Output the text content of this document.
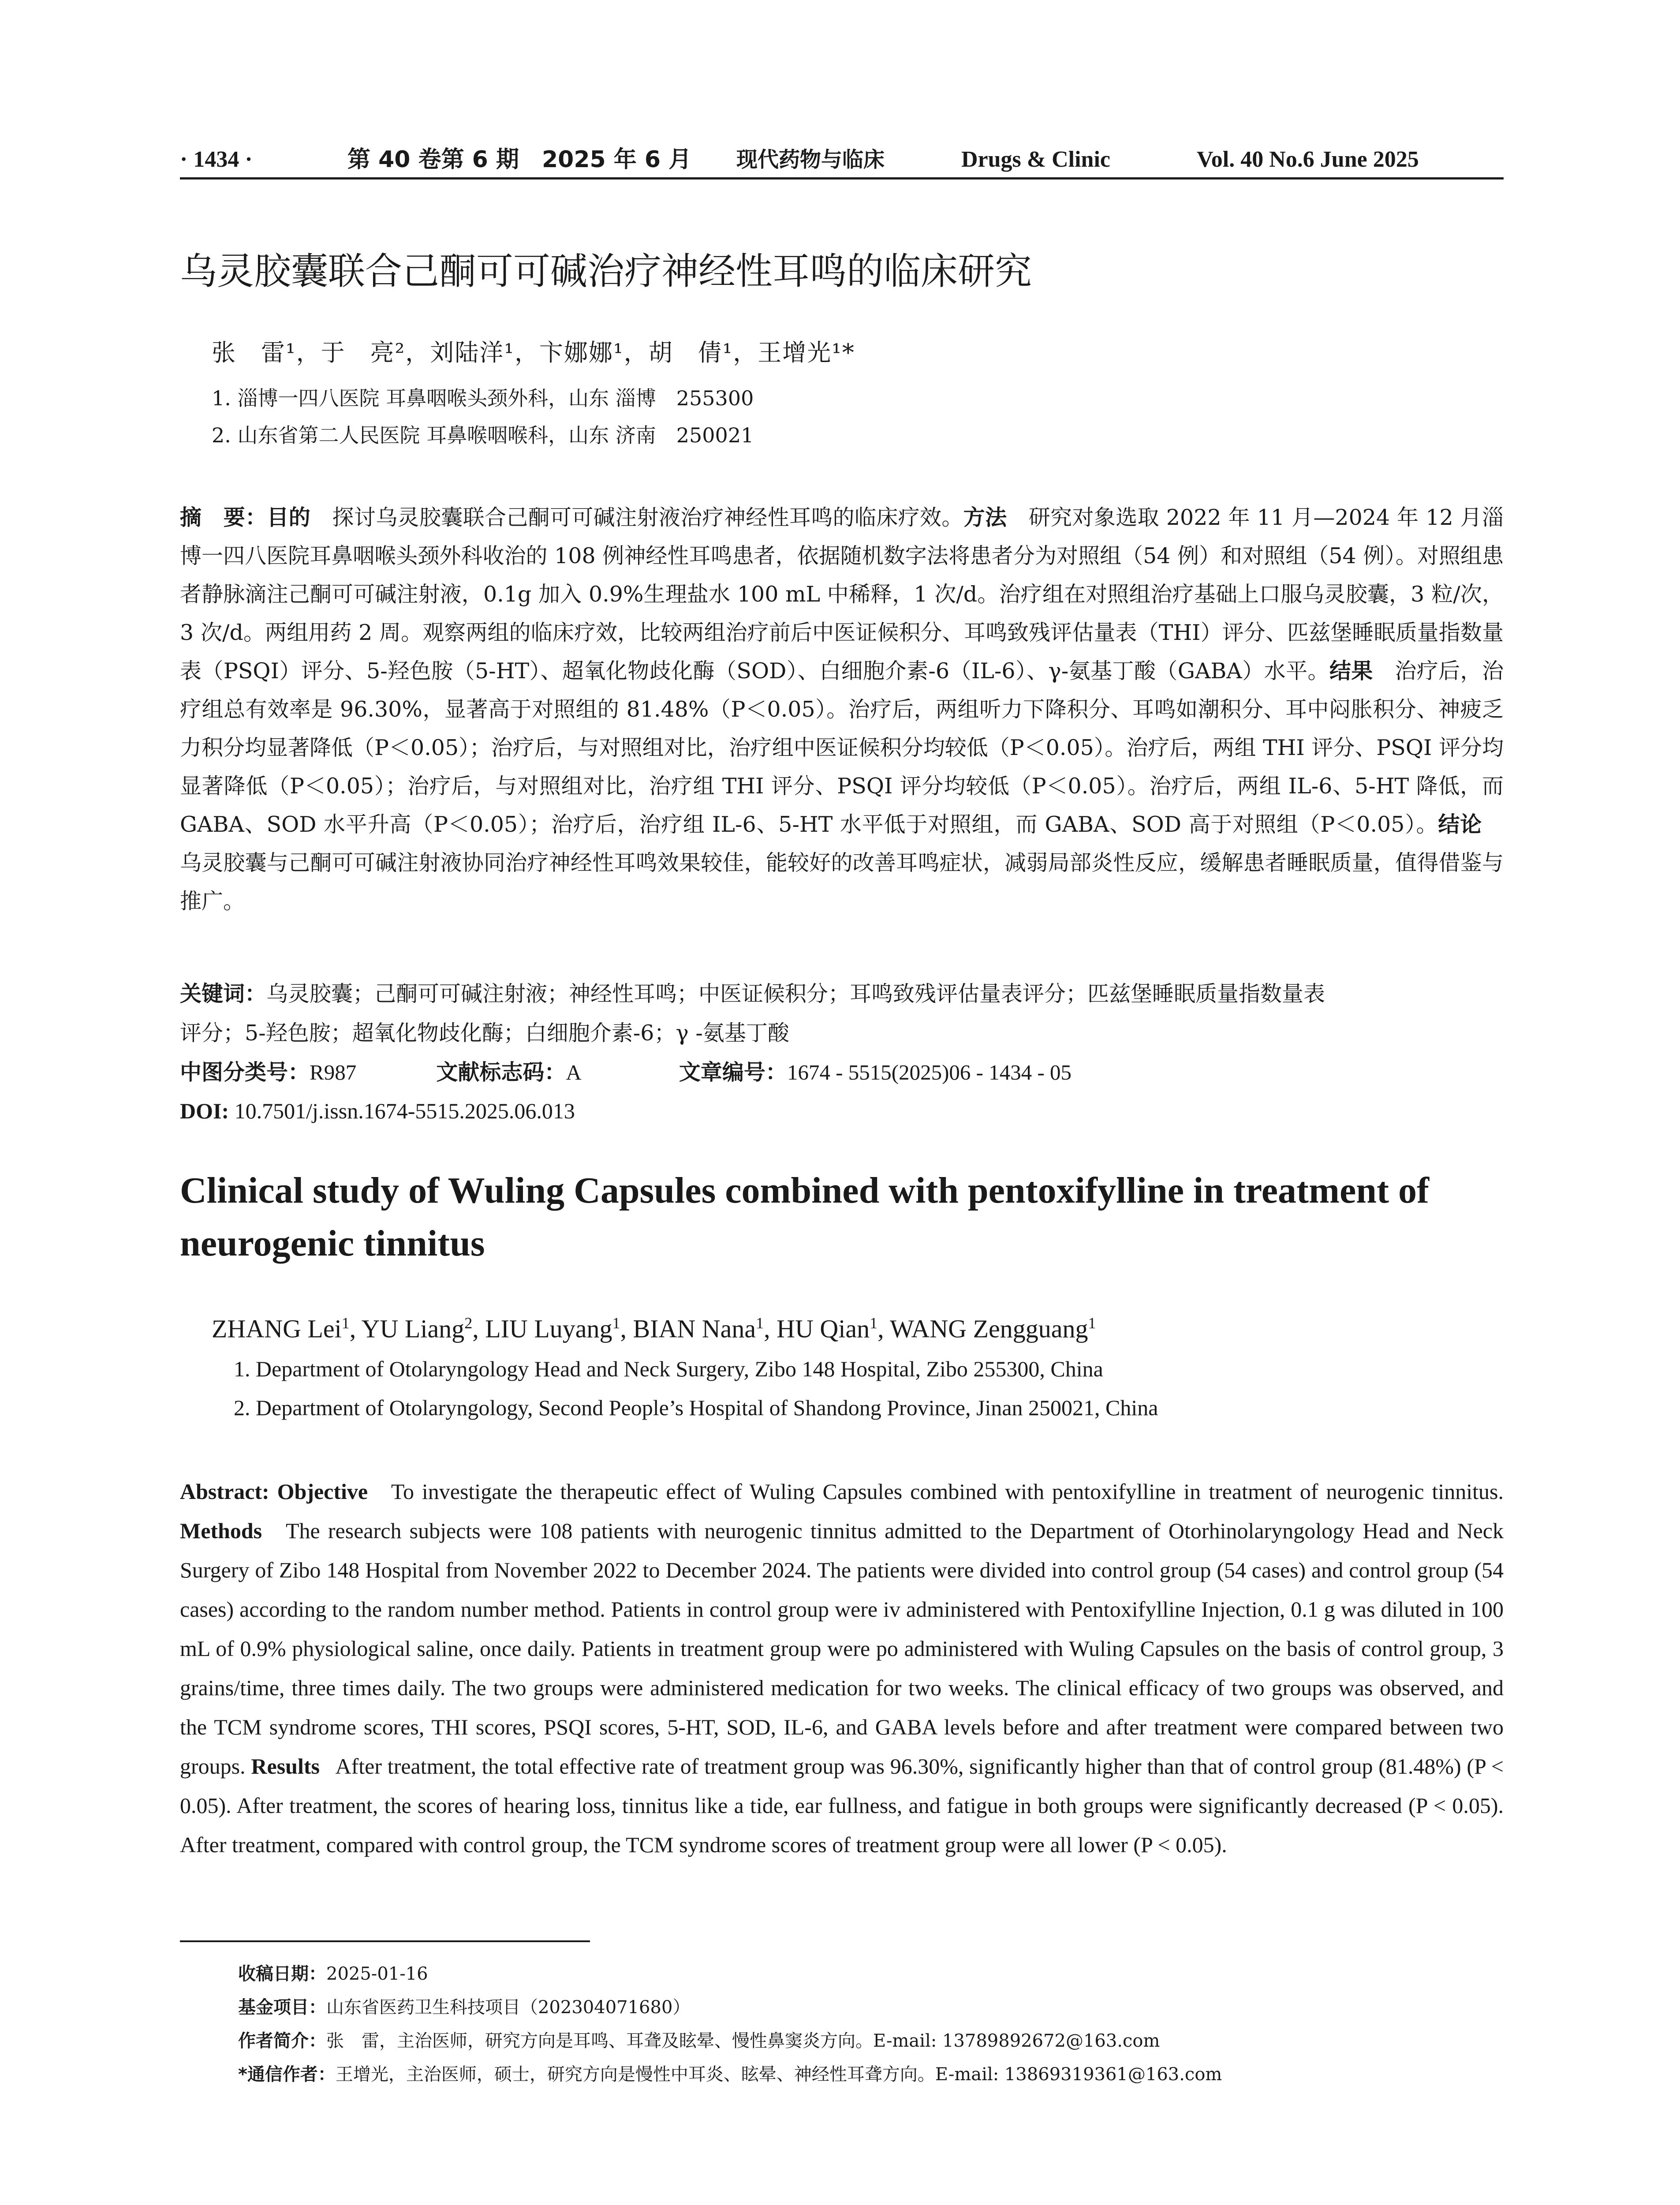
· 1434 ·	第 40 卷第 6 期　2025 年 6 月 现代药物与临床	Drugs & Clinic	Vol. 40 No.6 June 2025
乌灵胶囊联合己酮可可碱治疗神经性耳鸣的临床研究
张　雷¹，于　亮²，刘陆洋¹，卞娜娜¹，胡　倩¹，王增光¹*
1. 淄博一四八医院 耳鼻咽喉头颈外科，山东 淄博　255300
2. 山东省第二人民医院 耳鼻喉咽喉科，山东 济南　250021
摘　要：目的　探讨乌灵胶囊联合己酮可可碱注射液治疗神经性耳鸣的临床疗效。方法　研究对象选取 2022 年 11 月—2024 年 12 月淄博一四八医院耳鼻咽喉头颈外科收治的 108 例神经性耳鸣患者，依据随机数字法将患者分为对照组（54 例）和对照组（54 例）。对照组患者静脉滴注己酮可可碱注射液，0.1g 加入 0.9%生理盐水 100 mL 中稀释，1 次/d。治疗组在对照组治疗基础上口服乌灵胶囊，3 粒/次，3 次/d。两组用药 2 周。观察两组的临床疗效，比较两组治疗前后中医证候积分、耳鸣致残评估量表（THI）评分、匹兹堡睡眠质量指数量表（PSQI）评分、5-羟色胺（5-HT）、超氧化物歧化酶（SOD）、白细胞介素-6（IL-6）、γ-氨基丁酸（GABA）水平。结果　治疗后，治疗组总有效率是 96.30%，显著高于对照组的 81.48%（P＜0.05）。治疗后，两组听力下降积分、耳鸣如潮积分、耳中闷胀积分、神疲乏力积分均显著降低（P＜0.05）；治疗后，与对照组对比，治疗组中医证候积分均较低（P＜0.05）。治疗后，两组 THI 评分、PSQI 评分均显著降低（P＜0.05）；治疗后，与对照组对比，治疗组 THI 评分、PSQI 评分均较低（P＜0.05）。治疗后，两组 IL-6、5-HT 降低，而 GABA、SOD 水平升高（P＜0.05）；治疗后，治疗组 IL-6、5-HT 水平低于对照组，而 GABA、SOD 高于对照组（P＜0.05）。结论　乌灵胶囊与己酮可可碱注射液协同治疗神经性耳鸣效果较佳，能较好的改善耳鸣症状，减弱局部炎性反应，缓解患者睡眠质量，值得借鉴与推广。
关键词：乌灵胶囊；己酮可可碱注射液；神经性耳鸣；中医证候积分；耳鸣致残评估量表评分；匹兹堡睡眠质量指数量表
评分；5-羟色胺；超氧化物歧化酶；白细胞介素-6；γ -氨基丁酸
中图分类号：R987	文献标志码：A	文章编号：1674 - 5515(2025)06 - 1434 - 05
DOI: 10.7501/j.issn.1674-5515.2025.06.013
Clinical study of Wuling Capsules combined with pentoxifylline in treatment of neurogenic tinnitus
ZHANG Lei$^1$, YU Liang$^2$, LIU Luyang$^1$, BIAN Nana$^1$, HU Qian$^1$, WANG Zengguang$^1$
1. Department of Otolaryngology Head and Neck Surgery, Zibo 148 Hospital, Zibo 255300, China
2. Department of Otolaryngology, Second People’s Hospital of Shandong Province, Jinan 250021, China
Abstract: Objective To investigate the therapeutic effect of Wuling Capsules combined with pentoxifylline in treatment of neurogenic tinnitus. Methods The research subjects were 108 patients with neurogenic tinnitus admitted to the Department of Otorhinolaryngology Head and Neck Surgery of Zibo 148 Hospital from November 2022 to December 2024. The patients were divided into control group (54 cases) and control group (54 cases) according to the random number method. Patients in control group were iv administered with Pentoxifylline Injection, 0.1 g was diluted in 100 mL of 0.9% physiological saline, once daily. Patients in treatment group were po administered with Wuling Capsules on the basis of control group, 3 grains/time, three times daily. The two groups were administered medication for two weeks. The clinical efficacy of two groups was observed, and the TCM syndrome scores, THI scores, PSQI scores, 5-HT, SOD, IL-6, and GABA levels before and after treatment were compared between two groups. Results After treatment, the total effective rate of treatment group was 96.30%, significantly higher than that of control group (81.48%) (P < 0.05). After treatment, the scores of hearing loss, tinnitus like a tide, ear fullness, and fatigue in both groups were significantly decreased (P < 0.05). After treatment, compared with control group, the TCM syndrome scores of treatment group were all lower (P < 0.05).
收稿日期：2025-01-16
基金项目：山东省医药卫生科技项目（202304071680）
作者简介：张　雷，主治医师，研究方向是耳鸣、耳聋及眩晕、慢性鼻窦炎方向。E-mail: 13789892672@163.com
*通信作者：王增光，主治医师，硕士，研究方向是慢性中耳炎、眩晕、神经性耳聋方向。E-mail: 13869319361@163.com
